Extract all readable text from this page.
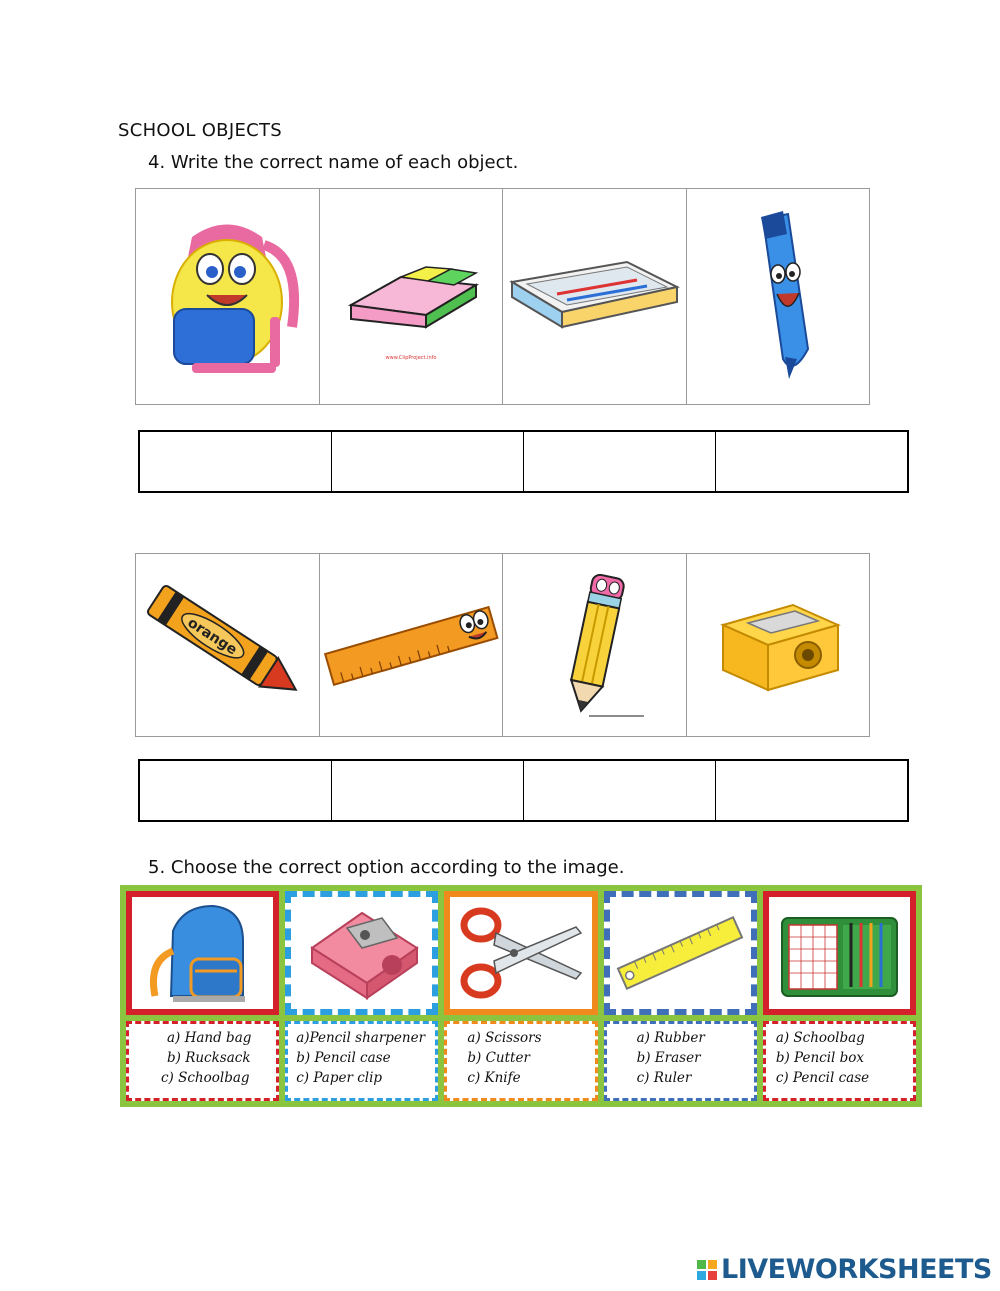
SCHOOL OBJECTS
4. Write the correct name of each object.
www.ClipProject.info
orange
5. Choose the correct option according to the image.
a) Hand bag
b) Rucksack
c) Schoolbag
a)Pencil sharpener
b) Pencil case
c) Paper clip
a) Scissors
b) Cutter
c) Knife
a) Rubber
b) Eraser
c) Ruler
a) Schoolbag
b) Pencil box
c) Pencil case
LIVEWORKSHEETS
